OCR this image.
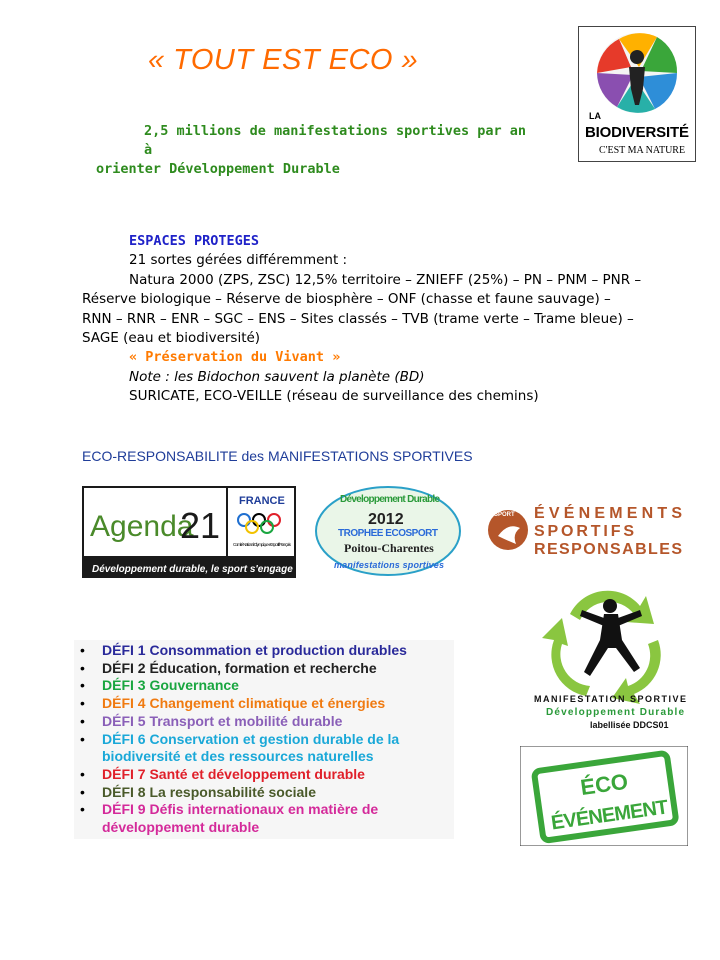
« TOUT EST ECO »
2,5 millions de manifestations sportives par an à
orienter Développement Durable
LA
BIODIVERSITÉ
C'EST MA NATURE
ESPACES PROTEGES
21 sortes gérées différemment :
Natura 2000 (ZPS, ZSC) 12,5% territoire – ZNIEFF (25%) – PN – PNM – PNR – Réserve biologique – Réserve de biosphère – ONF (chasse et faune sauvage) – RNN – RNR – ENR – SGC – ENS – Sites classés – TVB (trame verte – Trame bleue) – SAGE (eau et biodiversité)
« Préservation du Vivant »
Note : les Bidochon sauvent la planète (BD)
SURICATE, ECO-VEILLE (réseau de surveillance des chemins)
ECO-RESPONSABILITE des MANIFESTATIONS SPORTIVES
Agenda
21
FRANCE
Comité National Olympique et Sportif Français
Développement durable, le sport s'engage
Développement Durable
2012
TROPHEE ECOSPORT
Poitou-Charentes
manifestations sportives
SPORT ÉVÉNEMENTS
SPORTIFS
RESPONSABLES
MANIFESTATION SPORTIVE
Développement Durable
labellisée DDCS01
ÉCO
ÉVÉNEMENT
• DÉFI 1 Consommation et production durables
• DÉFI 2 Éducation, formation et recherche
• DÉFI 3 Gouvernance
• DÉFI 4 Changement climatique et énergies
• DÉFI 5 Transport et mobilité durable
• DÉFI 6 Conservation et gestion durable de la biodiversité et des ressources naturelles
• DÉFI 7 Santé et développement durable
• DÉFI 8 La responsabilité sociale
• DÉFI 9 Défis internationaux en matière de développement durable
